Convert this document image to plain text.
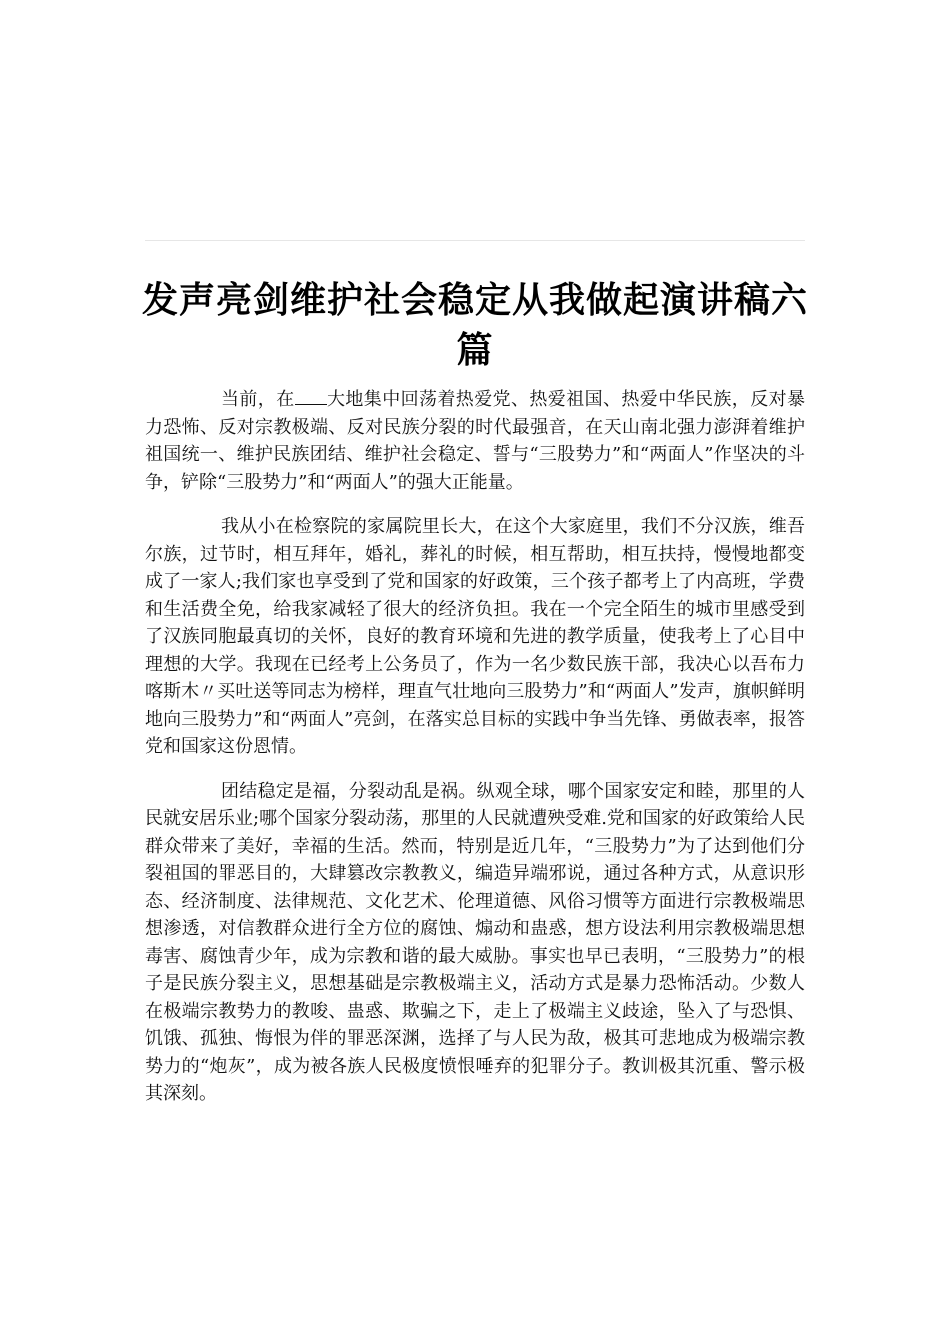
发声亮剑维护社会稳定从我做起演讲稿六篇

当前，在 大地集中回荡着热爱党、热爱祖国、热爱中华民族，反对暴力恐怖、反对宗教极端、反对民族分裂的时代最强音，在天山南北强力澎湃着维护祖国统一、维护民族团结、维护社会稳定、誓与“三股势力”和“两面人”作坚决的斗争，铲除“三股势力”和“两面人”的强大正能量。

我从小在检察院的家属院里长大，在这个大家庭里，我们不分汉族，维吾尔族，过节时，相互拜年，婚礼，葬礼的时候，相互帮助，相互扶持，慢慢地都变成了一家人;我们家也享受到了党和国家的好政策，三个孩子都考上了内高班，学费和生活费全免，给我家减轻了很大的经济负担。我在一个完全陌生的城市里感受到了汉族同胞最真切的关怀，良好的教育环境和先进的教学质量，使我考上了心目中理想的大学。我现在已经考上公务员了，作为一名少数民族干部，我决心以吾布力喀斯木〃买吐送等同志为榜样，理直气壮地向三股势力”和“两面人”发声，旗帜鲜明地向三股势力”和“两面人”亮剑，在落实总目标的实践中争当先锋、勇做表率，报答党和国家这份恩情。

团结稳定是福，分裂动乱是祸。纵观全球，哪个国家安定和睦，那里的人民就安居乐业;哪个国家分裂动荡，那里的人民就遭殃受难.党和国家的好政策给人民群众带来了美好，幸福的生活。然而，特别是近几年，“三股势力”为了达到他们分裂祖国的罪恶目的，大肆篡改宗教教义，编造异端邪说，通过各种方式，从意识形态、经济制度、法律规范、文化艺术、伦理道德、风俗习惯等方面进行宗教极端思想渗透，对信教群众进行全方位的腐蚀、煽动和蛊惑，想方设法利用宗教极端思想毒害、腐蚀青少年，成为宗教和谐的最大威胁。事实也早已表明，“三股势力”的根子是民族分裂主义，思想基础是宗教极端主义，活动方式是暴力恐怖活动。少数人在极端宗教势力的教唆、蛊惑、欺骗之下，走上了极端主义歧途，坠入了与恐惧、饥饿、孤独、悔恨为伴的罪恶深渊，选择了与人民为敌，极其可悲地成为极端宗教势力的“炮灰”，成为被各族人民极度愤恨唾弃的犯罪分子。教训极其沉重、警示极其深刻。
